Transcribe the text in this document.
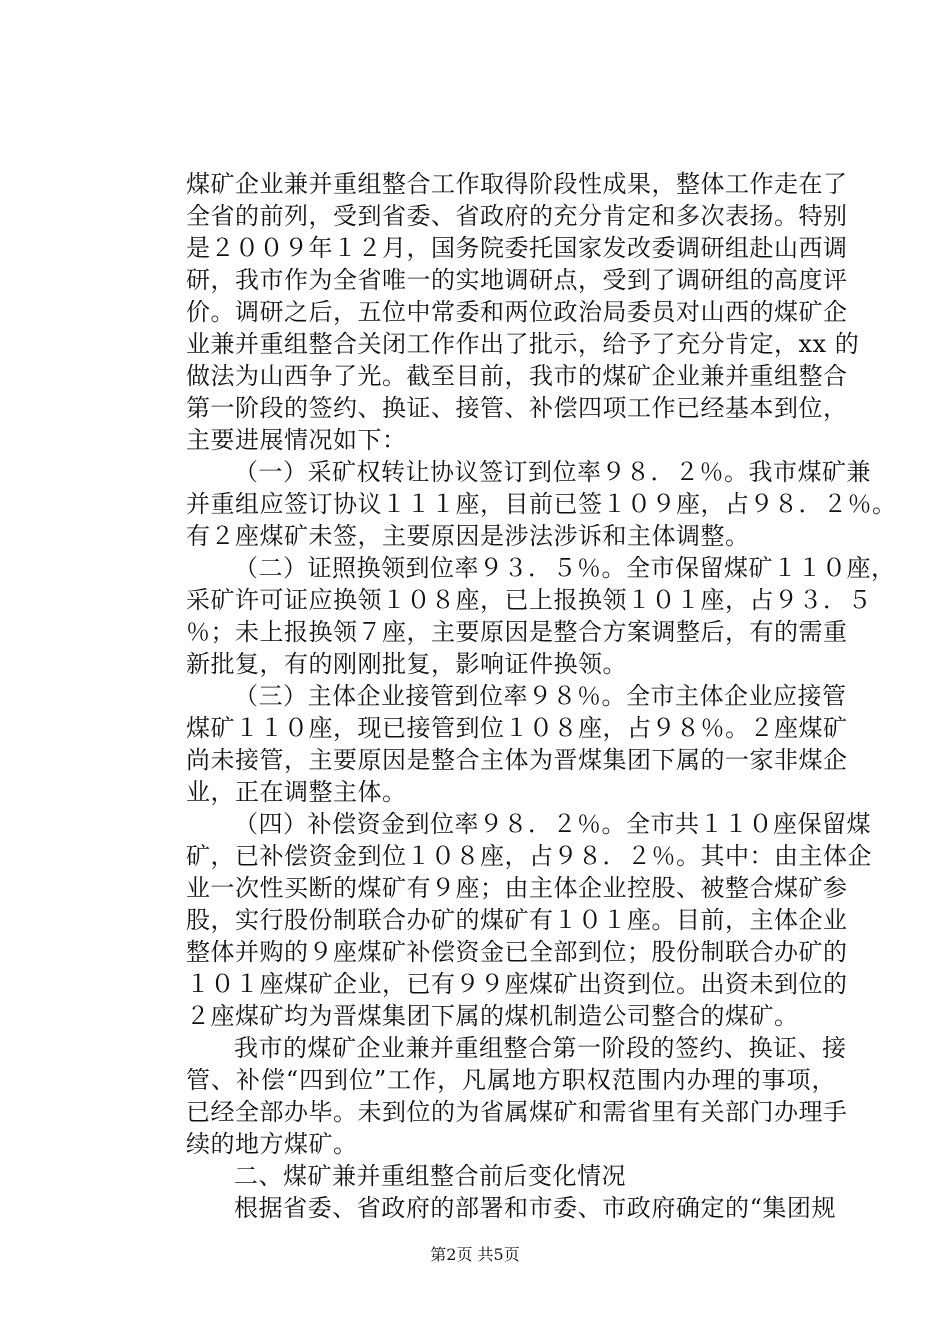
煤矿企业兼并重组整合工作取得阶段性成果，整体工作走在了
全省的前列，受到省委、省政府的充分肯定和多次表扬。特别
是２００９年１２月，国务院委托国家发改委调研组赴山西调
研，我市作为全省唯一的实地调研点，受到了调研组的高度评
价。调研之后，五位中常委和两位政治局委员对山西的煤矿企
业兼并重组整合关闭工作作出了批示，给予了充分肯定，xx 的
做法为山西争了光。截至目前，我市的煤矿企业兼并重组整合
第一阶段的签约、换证、接管、补偿四项工作已经基本到位，
主要进展情况如下：
（一）采矿权转让协议签订到位率９８．２％。我市煤矿兼
并重组应签订协议１１１座，目前已签１０９座，占９８．２％。
有２座煤矿未签，主要原因是涉法涉诉和主体调整。
（二）证照换领到位率９３．５％。全市保留煤矿１１０座，
采矿许可证应换领１０８座，已上报换领１０１座，占９３．５
％；未上报换领７座，主要原因是整合方案调整后，有的需重
新批复，有的刚刚批复，影响证件换领。
（三）主体企业接管到位率９８％。全市主体企业应接管
煤矿１１０座，现已接管到位１０８座，占９８％。２座煤矿
尚未接管，主要原因是整合主体为晋煤集团下属的一家非煤企
业，正在调整主体。
（四）补偿资金到位率９８．２％。全市共１１０座保留煤
矿，已补偿资金到位１０８座，占９８．２％。其中：由主体企
业一次性买断的煤矿有９座；由主体企业控股、被整合煤矿参
股，实行股份制联合办矿的煤矿有１０１座。目前，主体企业
整体并购的９座煤矿补偿资金已全部到位；股份制联合办矿的
１０１座煤矿企业，已有９９座煤矿出资到位。出资未到位的
２座煤矿均为晋煤集团下属的煤机制造公司整合的煤矿。
我市的煤矿企业兼并重组整合第一阶段的签约、换证、接
管、补偿“四到位”工作，凡属地方职权范围内办理的事项，
已经全部办毕。未到位的为省属煤矿和需省里有关部门办理手
续的地方煤矿。
二、煤矿兼并重组整合前后变化情况
根据省委、省政府的部署和市委、市政府确定的“集团规
第2页 共5页
